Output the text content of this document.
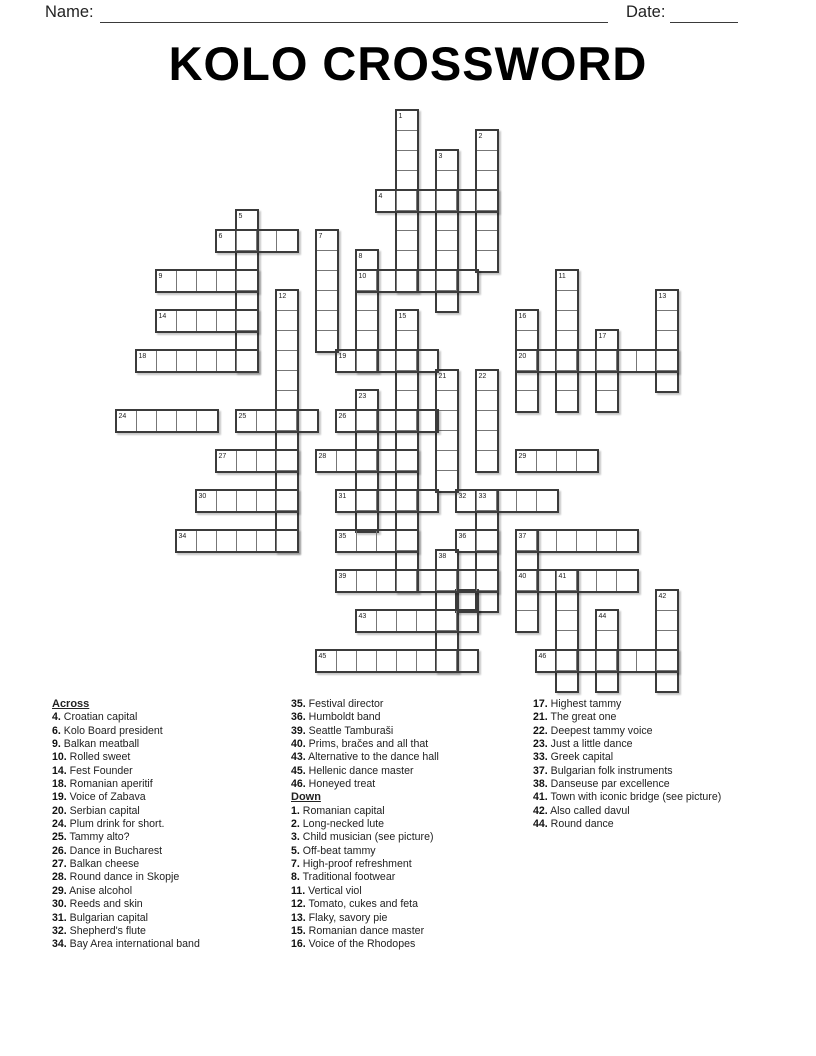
Name:	Date:
KOLO CROSSWORD
1
2
3
4
5
6	7
8
9	10	11
12	13
14	15	16
17
18	19	20
21	22
23
24	25	26
27	28	29
30	31	32 33
34	35	36	37
38
39	40	41
42
43	44
45	46
Across
4. Croatian capital
6. Kolo Board president
9. Balkan meatball
10. Rolled sweet
14. Fest Founder
18. Romanian aperitif
19. Voice of Zabava
20. Serbian capital
24. Plum drink for short.
25. Tammy alto?
26. Dance in Bucharest
27. Balkan cheese
28. Round dance in Skopje
29. Anise alcohol
30. Reeds and skin
31. Bulgarian capital
32. Shepherd's flute
34. Bay Area international band
35. Festival director
36. Humboldt band
39. Seattle Tamburaši
40. Prims, bračes and all that
43. Alternative to the dance hall
45. Hellenic dance master
46. Honeyed treat
Down
1. Romanian capital
2. Long-necked lute
3. Child musician (see picture)
5. Off-beat tammy
7. High-proof refreshment
8. Traditional footwear
11. Vertical viol
12. Tomato, cukes and feta
13. Flaky, savory pie
15. Romanian dance master
16. Voice of the Rhodopes
17. Highest tammy
21. The great one
22. Deepest tammy voice
23. Just a little dance
33. Greek capital
37. Bulgarian folk instruments
38. Danseuse par excellence
41. Town with iconic bridge (see picture)
42. Also called davul
44. Round dance
